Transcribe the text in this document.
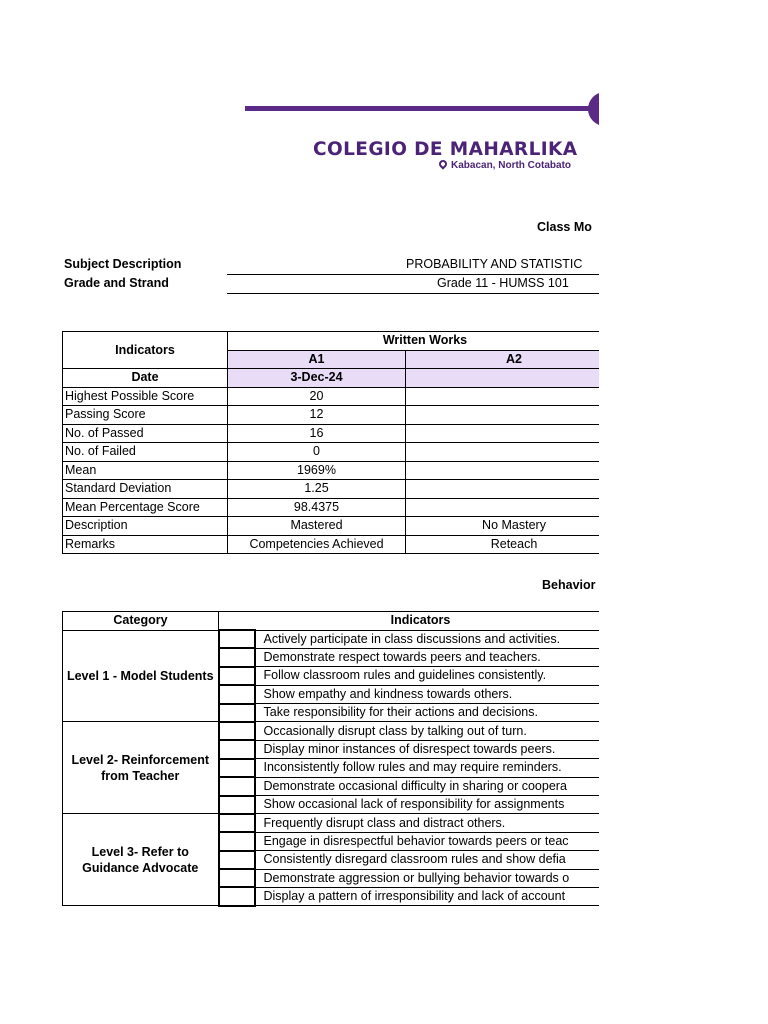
COLEGIO DE MAHARLIKA
Kabacan, North Cotabato
Class Mo
Subject Description	PROBABILITY AND STATISTIC
Grade and Strand	Grade 11 - HUMSS 101
Indicators	Written Works	
	A1	A2
Date	3-Dec-24	
Highest Possible Score	20	
Passing Score	12	
No. of Passed	16	
No. of Failed	0	
Mean	1969%	
Standard Deviation	1.25	
Mean Percentage Score	98.4375	
Description	Mastered	No Mastery
Remarks	Competencies Achieved	Reteach
Behavior
Category	Indicators	
Level 1 - Model Students		Actively participate in class discussions and activities.
		Demonstrate respect towards peers and teachers.
		Follow classroom rules and guidelines consistently.
		Show empathy and kindness towards others.
		Take responsibility for their actions and decisions.
Level 2- Reinforcement from Teacher		Occasionally disrupt class by talking out of turn.
		Display minor instances of disrespect towards peers.
		Inconsistently follow rules and may require reminders.
		Demonstrate occasional difficulty in sharing or coopera
		Show occasional lack of responsibility for assignments
Level 3- Refer to Guidance Advocate		Frequently disrupt class and distract others.
		Engage in disrespectful behavior towards peers or teac
		Consistently disregard classroom rules and show defia
		Demonstrate aggression or bullying behavior towards o
		Display a pattern of irresponsibility and lack of account
